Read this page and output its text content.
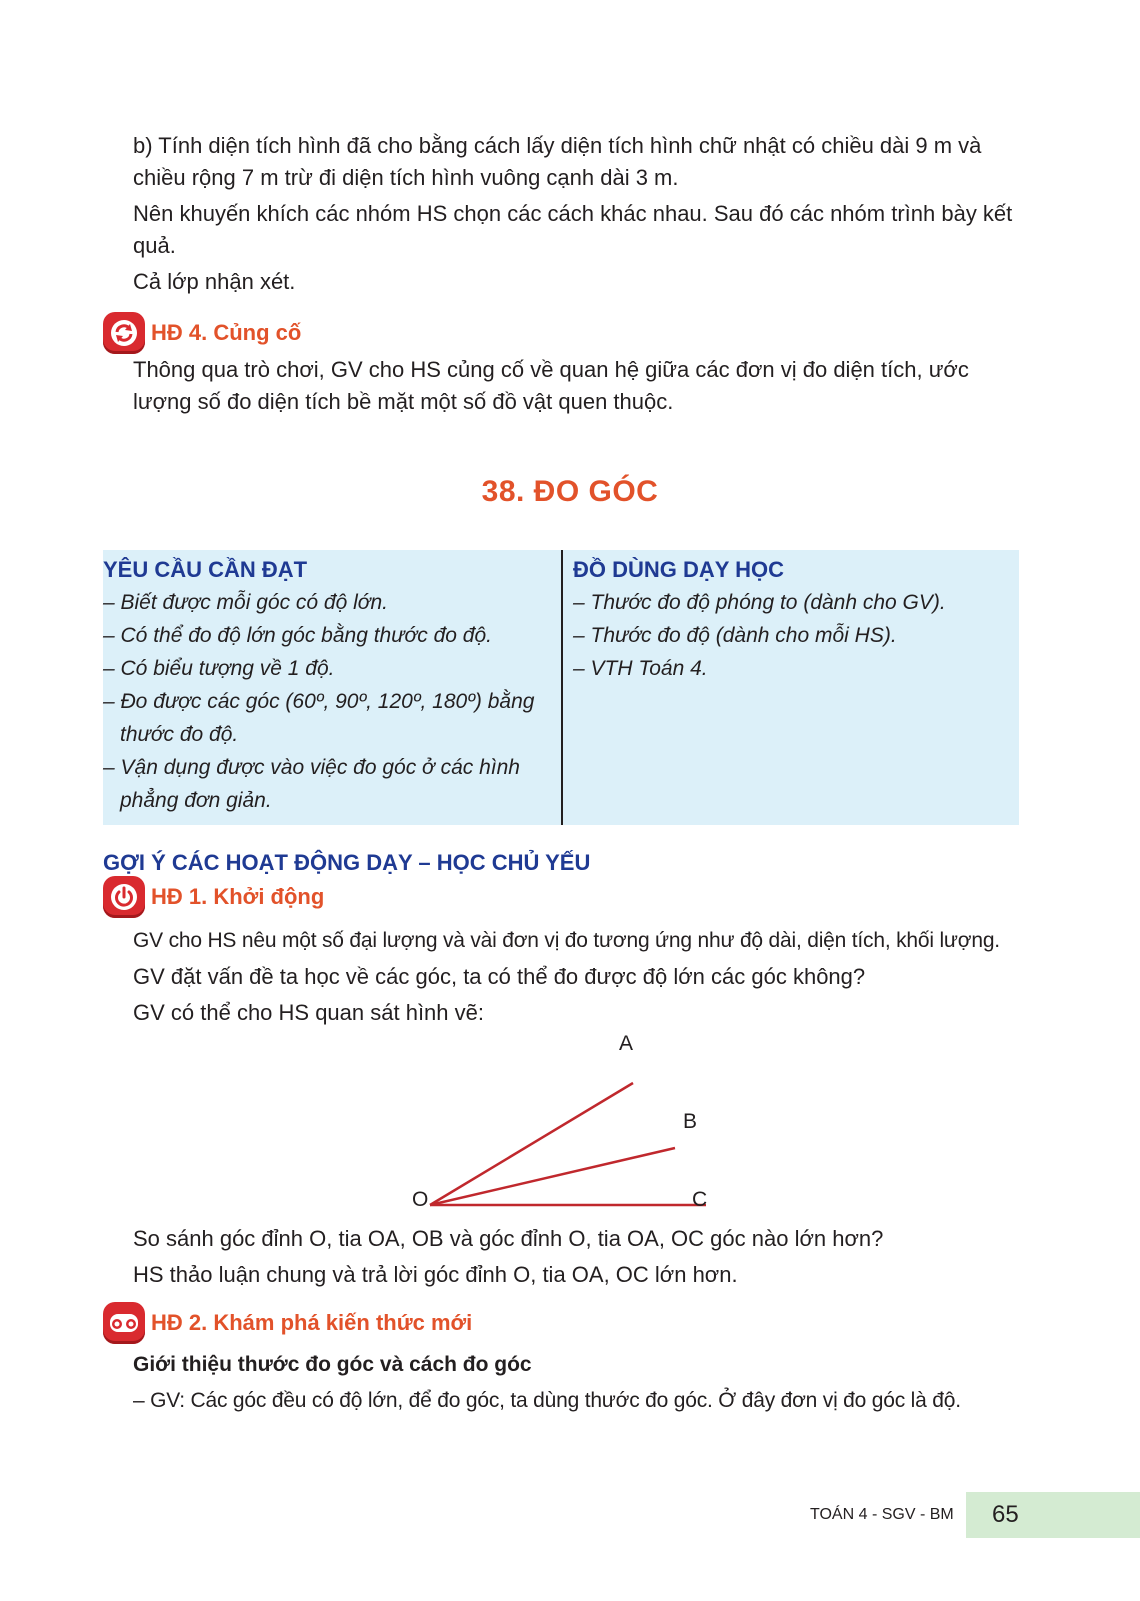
b) Tính diện tích hình đã cho bằng cách lấy diện tích hình chữ nhật có chiều dài 9 m và chiều rộng 7 m trừ đi diện tích hình vuông cạnh dài 3 m.
Nên khuyến khích các nhóm HS chọn các cách khác nhau. Sau đó các nhóm trình bày kết quả.
Cả lớp nhận xét.
HĐ 4. Củng cố
Thông qua trò chơi, GV cho HS củng cố về quan hệ giữa các đơn vị đo diện tích, ước lượng số đo diện tích bề mặt một số đồ vật quen thuộc.
38. ĐO GÓC
YÊU CẦU CẦN ĐẠT
– Biết được mỗi góc có độ lớn.
– Có thể đo độ lớn góc bằng thước đo độ.
– Có biểu tượng về 1 độ.
– Đo được các góc (60º, 90º, 120º, 180º) bằng thước đo độ.
– Vận dụng được vào việc đo góc ở các hình phẳng đơn giản.
ĐỒ DÙNG DẠY HỌC
– Thước đo độ phóng to (dành cho GV).
– Thước đo độ (dành cho mỗi HS).
– VTH Toán 4.
GỢI Ý CÁC HOẠT ĐỘNG DẠY – HỌC CHỦ YẾU
HĐ 1. Khởi động
GV cho HS nêu một số đại lượng và vài đơn vị đo tương ứng như độ dài, diện tích, khối lượng.
GV đặt vấn đề ta học về các góc, ta có thể đo được độ lớn các góc không?
GV có thể cho HS quan sát hình vẽ:
A
B
O	C
So sánh góc đỉnh O, tia OA, OB và góc đỉnh O, tia OA, OC góc nào lớn hơn?
HS thảo luận chung và trả lời góc đỉnh O, tia OA, OC lớn hơn.
HĐ 2. Khám phá kiến thức mới
Giới thiệu thước đo góc và cách đo góc
– GV: Các góc đều có độ lớn, để đo góc, ta dùng thước đo góc. Ở đây đơn vị đo góc là độ.
TOÁN 4 - SGV - BM 65
